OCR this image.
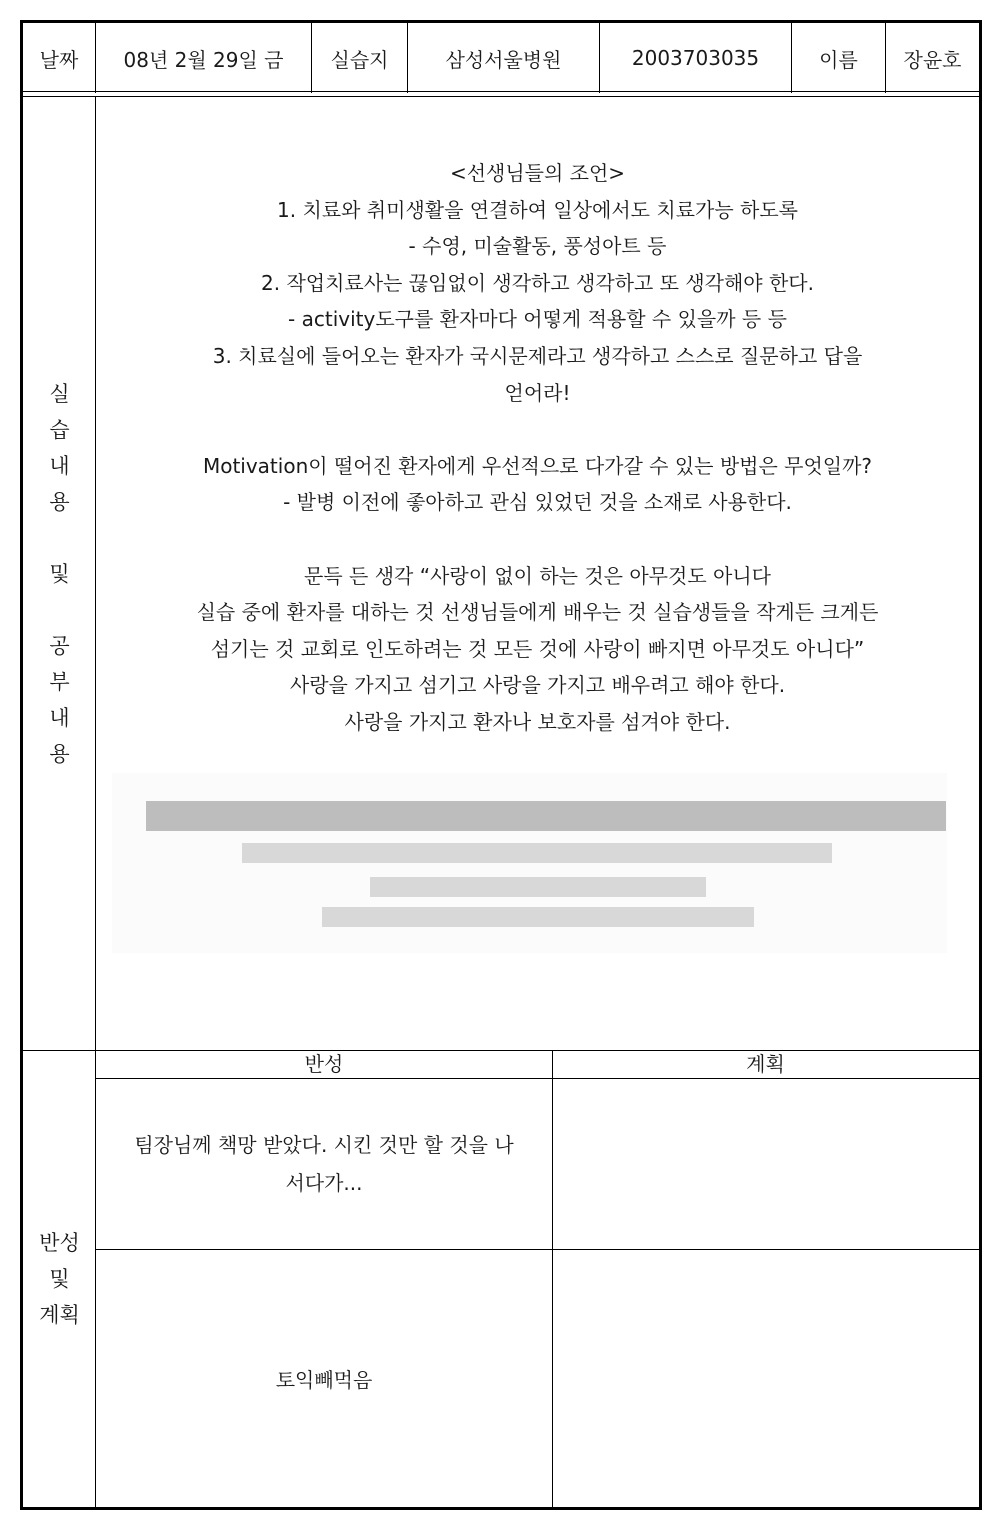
날짜	08년 2월 29일 금	실습지	삼성서울병원	2003703035	이름	장윤호
실
습
내
용
및
공
부
내
용
<선생님들의 조언>
1. 치료와 취미생활을 연결하여 일상에서도 치료가능 하도록
- 수영, 미술활동, 풍성아트 등
2. 작업치료사는 끊임없이 생각하고 생각하고 또 생각해야 한다.
- activity도구를 환자마다 어떻게 적용할 수 있을까 등 등
3. 치료실에 들어오는 환자가 국시문제라고 생각하고 스스로 질문하고 답을
얻어라!
Motivation이 떨어진 환자에게 우선적으로 다가갈 수 있는 방법은 무엇일까?
- 발병 이전에 좋아하고 관심 있었던 것을 소재로 사용한다.
문득 든 생각 “사랑이 없이 하는 것은 아무것도 아니다
실습 중에 환자를 대하는 것 선생님들에게 배우는 것 실습생들을 작게든 크게든
섬기는 것 교회로 인도하려는 것 모든 것에 사랑이 빠지면 아무것도 아니다”
사랑을 가지고 섬기고 사랑을 가지고 배우려고 해야 한다.
사랑을 가지고 환자나 보호자를 섬겨야 한다.
반성
및
계획
반성	계획
팀장님께 책망 받았다. 시킨 것만 할 것을 나서다가...
토익빼먹음
